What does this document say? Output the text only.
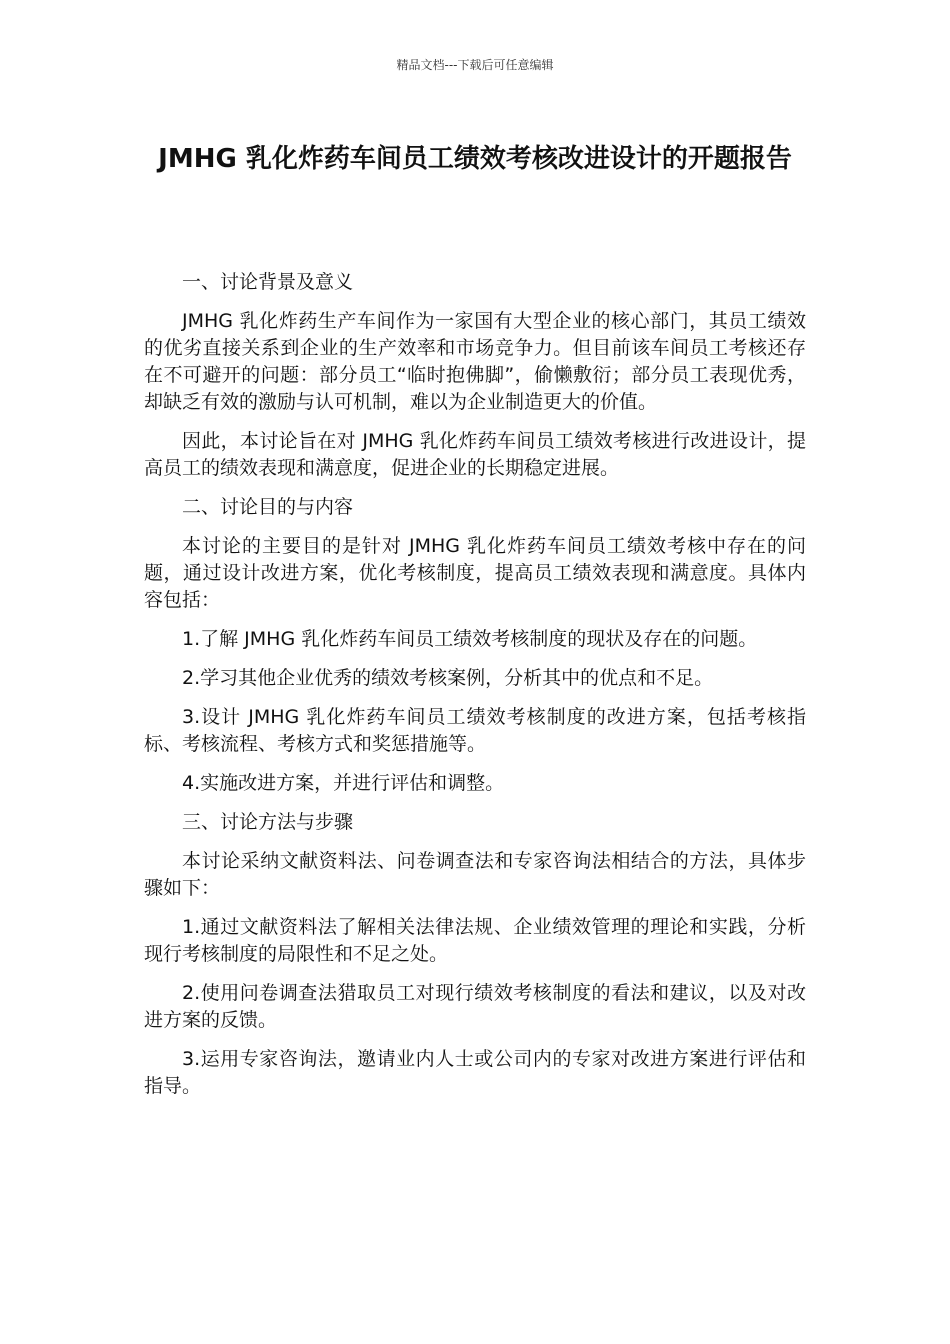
精品文档---下载后可任意编辑
JMHG 乳化炸药车间员工绩效考核改进设计的开题报告
一、讨论背景及意义

JMHG 乳化炸药生产车间作为一家国有大型企业的核心部门，其员工绩效的优劣直接关系到企业的生产效率和市场竞争力。但目前该车间员工考核还存在不可避开的问题：部分员工“临时抱佛脚”，偷懒敷衍；部分员工表现优秀，却缺乏有效的激励与认可机制，难以为企业制造更大的价值。

因此，本讨论旨在对 JMHG 乳化炸药车间员工绩效考核进行改进设计，提高员工的绩效表现和满意度，促进企业的长期稳定进展。

二、讨论目的与内容

本讨论的主要目的是针对 JMHG 乳化炸药车间员工绩效考核中存在的问题，通过设计改进方案，优化考核制度，提高员工绩效表现和满意度。具体内容包括：

1.了解 JMHG 乳化炸药车间员工绩效考核制度的现状及存在的问题。

2.学习其他企业优秀的绩效考核案例，分析其中的优点和不足。

3.设计 JMHG 乳化炸药车间员工绩效考核制度的改进方案，包括考核指标、考核流程、考核方式和奖惩措施等。

4.实施改进方案，并进行评估和调整。

三、讨论方法与步骤

本讨论采纳文献资料法、问卷调查法和专家咨询法相结合的方法，具体步骤如下：

1.通过文献资料法了解相关法律法规、企业绩效管理的理论和实践，分析现行考核制度的局限性和不足之处。

2.使用问卷调查法猎取员工对现行绩效考核制度的看法和建议，以及对改进方案的反馈。

3.运用专家咨询法，邀请业内人士或公司内的专家对改进方案进行评估和指导。
